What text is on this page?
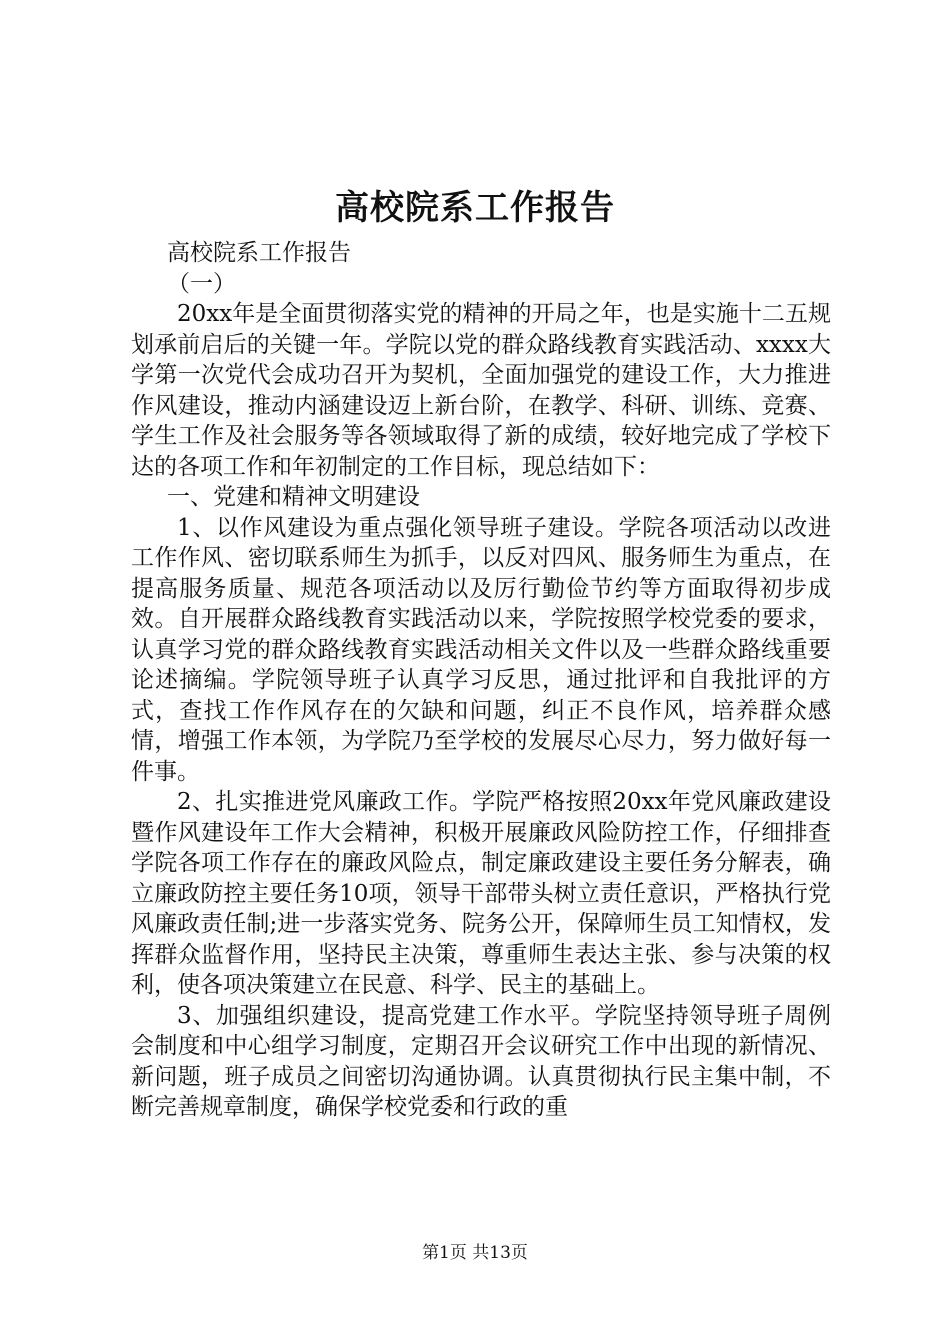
高校院系工作报告

高校院系工作报告

（一）

20xx年是全面贯彻落实党的精神的开局之年，也是实施十二五规划承前启后的关键一年。学院以党的群众路线教育实践活动、xxxx大学第一次党代会成功召开为契机，全面加强党的建设工作，大力推进作风建设，推动内涵建设迈上新台阶，在教学、科研、训练、竞赛、学生工作及社会服务等各领域取得了新的成绩，较好地完成了学校下达的各项工作和年初制定的工作目标，现总结如下：

一、党建和精神文明建设

1、以作风建设为重点强化领导班子建设。学院各项活动以改进工作作风、密切联系师生为抓手，以反对四风、服务师生为重点，在提高服务质量、规范各项活动以及厉行勤俭节约等方面取得初步成效。自开展群众路线教育实践活动以来，学院按照学校党委的要求，认真学习党的群众路线教育实践活动相关文件以及一些群众路线重要论述摘编。学院领导班子认真学习反思，通过批评和自我批评的方式，查找工作作风存在的欠缺和问题，纠正不良作风，培养群众感情，增强工作本领，为学院乃至学校的发展尽心尽力，努力做好每一件事。

2、扎实推进党风廉政工作。学院严格按照20xx年党风廉政建设暨作风建设年工作大会精神，积极开展廉政风险防控工作，仔细排查学院各项工作存在的廉政风险点，制定廉政建设主要任务分解表，确立廉政防控主要任务10项，领导干部带头树立责任意识，严格执行党风廉政责任制;进一步落实党务、院务公开，保障师生员工知情权，发挥群众监督作用，坚持民主决策，尊重师生表达主张、参与决策的权利，使各项决策建立在民意、科学、民主的基础上。

3、加强组织建设，提高党建工作水平。学院坚持领导班子周例会制度和中心组学习制度，定期召开会议研究工作中出现的新情况、新问题，班子成员之间密切沟通协调。认真贯彻执行民主集中制，不断完善规章制度，确保学校党委和行政的重

第1页 共13页
